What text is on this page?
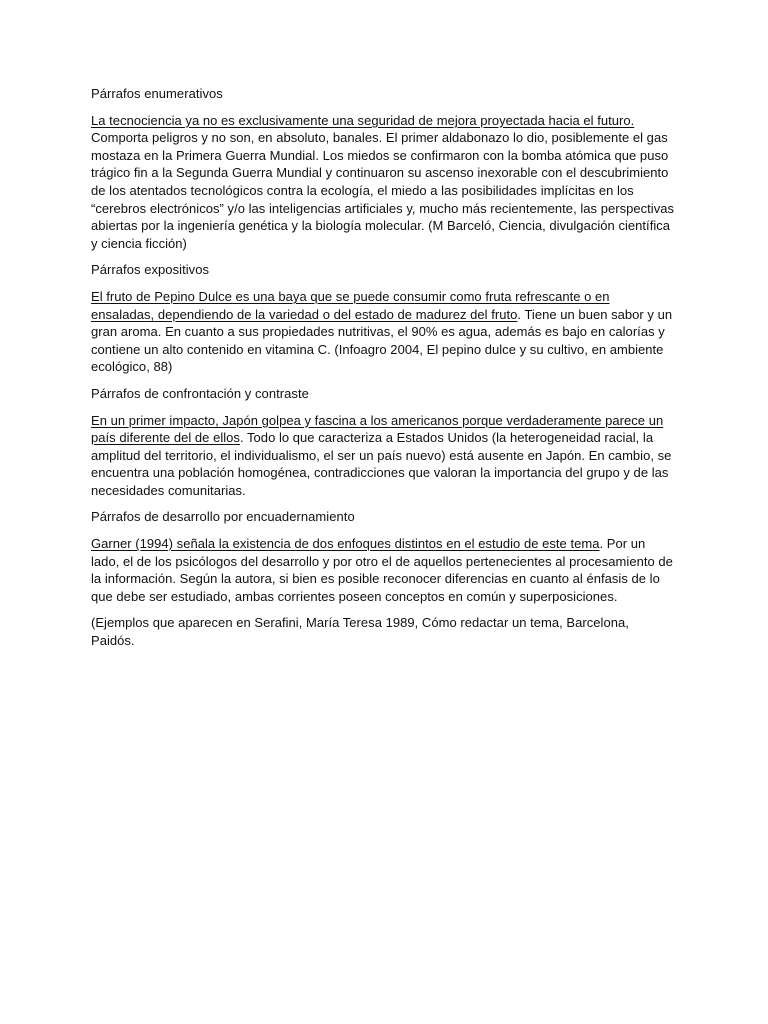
Párrafos enumerativos

La tecnociencia ya no es exclusivamente una seguridad de mejora proyectada hacia el futuro. Comporta peligros y no son, en absoluto, banales. El primer aldabonazo lo dio, posiblemente el gas mostaza en la Primera Guerra Mundial. Los miedos se confirmaron con la bomba atómica que puso trágico fin a la Segunda Guerra Mundial y continuaron su ascenso inexorable con el descubrimiento de los atentados tecnológicos contra la ecología, el miedo a las posibilidades implícitas en los “cerebros electrónicos” y/o las inteligencias artificiales y, mucho más recientemente, las perspectivas abiertas por la ingeniería genética y la biología molecular. (M Barceló, Ciencia, divulgación científica y ciencia ficción)

Párrafos expositivos

El fruto de Pepino Dulce es una baya que se puede consumir como fruta refrescante o en ensaladas, dependiendo de la variedad o del estado de madurez del fruto. Tiene un buen sabor y un gran aroma. En cuanto a sus propiedades nutritivas, el 90% es agua, además es bajo en calorías y contiene un alto contenido en vitamina C. (Infoagro 2004, El pepino dulce y su cultivo, en ambiente ecológico, 88)

Párrafos de confrontación y contraste

En un primer impacto, Japón golpea y fascina a los americanos porque verdaderamente parece un país diferente del de ellos. Todo lo que caracteriza a Estados Unidos (la heterogeneidad racial, la amplitud del territorio, el individualismo, el ser un país nuevo) está ausente en Japón. En cambio, se encuentra una población homogénea, contradicciones que valoran la importancia del grupo y de las necesidades comunitarias.

Párrafos de desarrollo por encuadernamiento

Garner (1994) señala la existencia de dos enfoques distintos en el estudio de este tema. Por un lado, el de los psicólogos del desarrollo y por otro el de aquellos pertenecientes al procesamiento de la información. Según la autora, si bien es posible reconocer diferencias en cuanto al énfasis de lo que debe ser estudiado, ambas corrientes poseen conceptos en común y superposiciones.

(Ejemplos que aparecen en Serafini, María Teresa 1989, Cómo redactar un tema, Barcelona, Paidós.
